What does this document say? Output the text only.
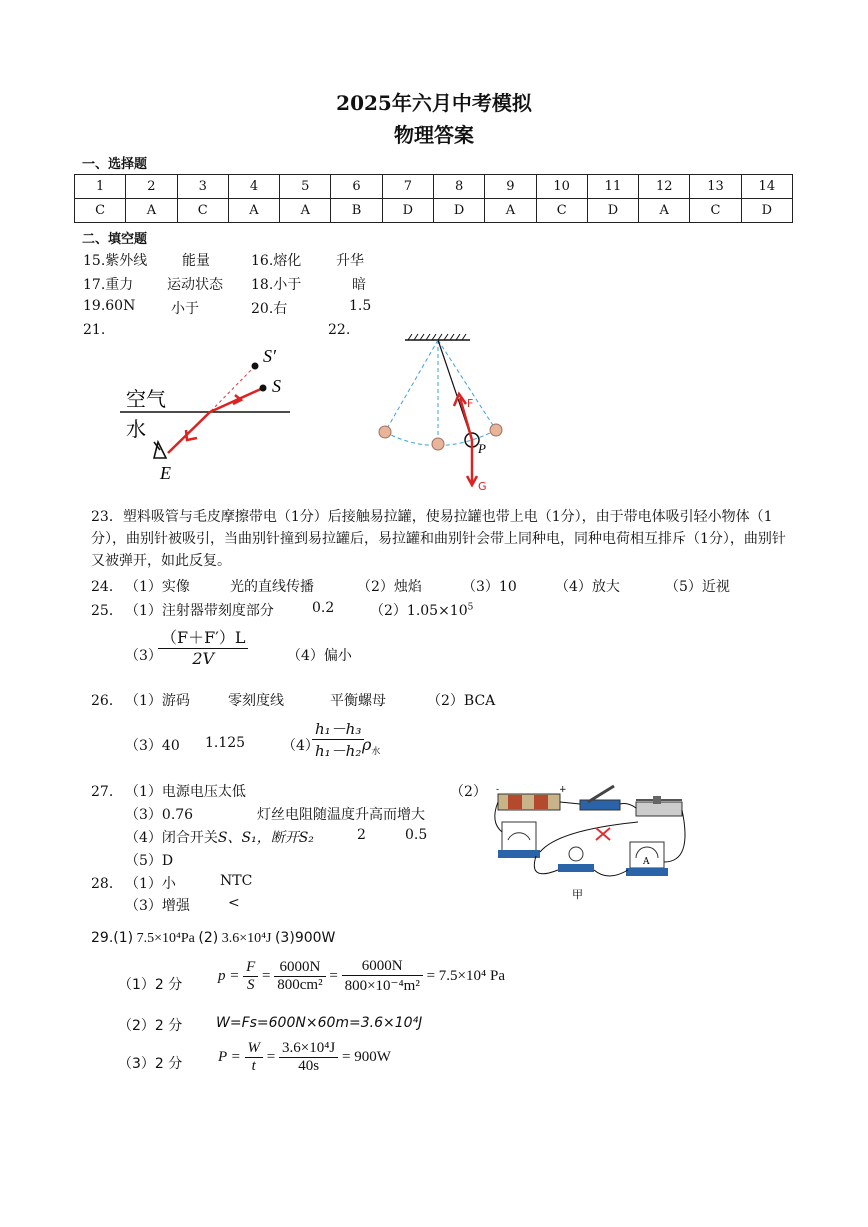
2025年六月中考模拟
物理答案
一、选择题
1	2	3	4	5	6	7	8	9	10	11	12	13	14
C	A	C	A	A	B	D	D	A	C	D	A	C	D
二、填空题
15.紫外线 能量	16.熔化 升华
17.重力 运动状态 18.小于	暗
19.60N	小于	20.右	1.5
21.	22.
S′
S
空气
水
E
F
P
G

23．塑料吸管与毛皮摩擦带电（1分）后接触易拉罐，使易拉罐也带上电（1分），由于带电体吸引轻小物体（1分），曲别针被吸引，当曲别针撞到易拉罐后，易拉罐和曲别针会带上同种电，同种电荷相互排斥（1分），曲别针又被弹开，如此反复。

24． （1）实像	光的直线传播	（2）烛焰	（3）10	（4）放大	（5）近视
25． （1）注射器带刻度部分	0.2	$(2)1.05\times 10^5$
（3）
$\frac{(F+F')L}{2V}$	（4）偏小
26． （1）游码	零刻度线	平衡螺母	（2）BCA
（3）40 1.125	（4）
$\frac{\text{h₁－h₃}}{\text{h₁－h₂}}$
$\rho_水$
27． （1）电源电压太低	（2）
（3）0.76	灯丝电阻随温度升高而增大
（4）闭合开关S、S₁，断开S₂	2	0.5
（5）D
-	+
A
甲
28． （1）小	NTC
（3）增强	<
29.(1) 7.5×10⁴Pa (2) 3.6×10⁴J (3)900W
（1）2 分
$p = \frac{F}{S} = \frac{6000N}{\text{800cm²}} = \frac{6000N}{\text{800×10⁻⁴m²}} = 7.5\times 10^4$ Pa
（2）2 分 W=Fs=600N×60m=3.6×10⁴J
（3）2 分 $P = \frac{W}{t} = \frac{\text{3.6×10⁴J}}{40s} = 900W$
